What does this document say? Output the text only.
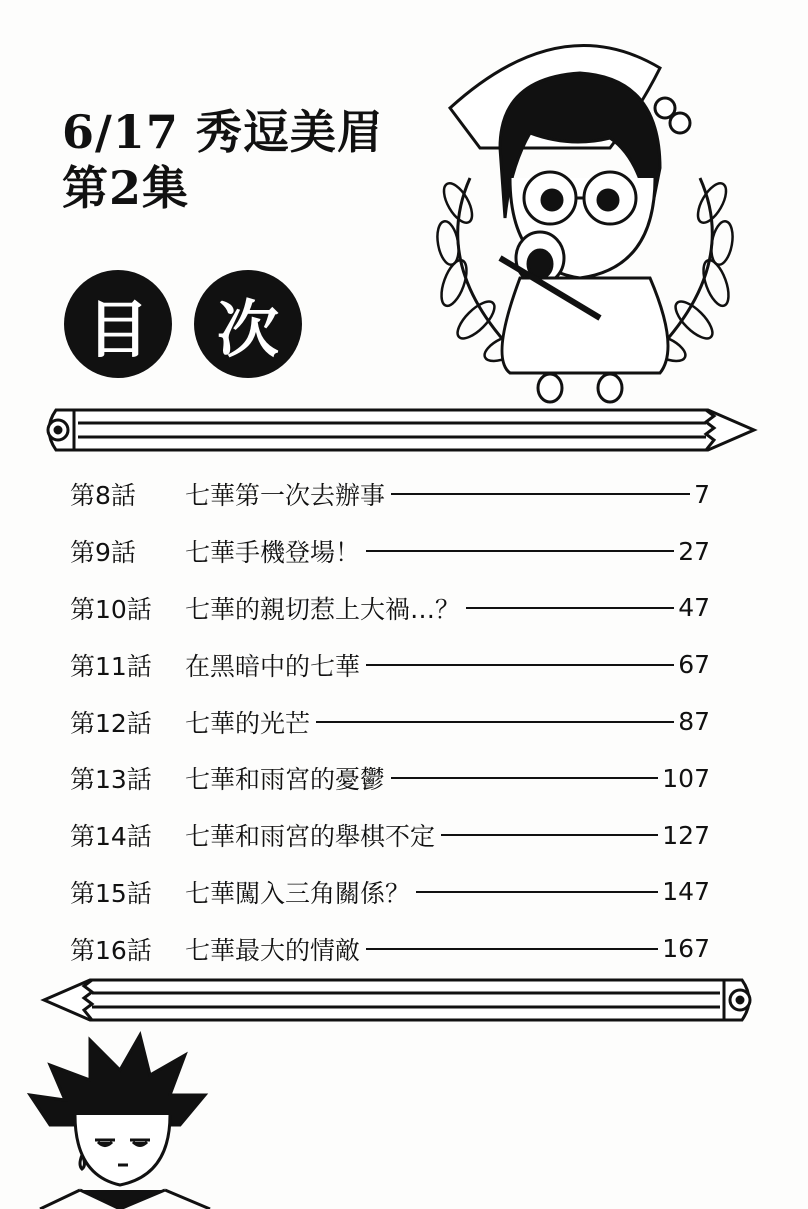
6/17 秀逗美眉
第2集
目	次
第8話	七華第一次去辦事	7
第9話	七華手機登場！	27
第10話	七華的親切惹上大禍…？	47
第11話	在黑暗中的七華	67
第12話	七華的光芒	87
第13話	七華和雨宮的憂鬱	107
第14話	七華和雨宮的舉棋不定	127
第15話	七華闖入三角關係？	147
第16話	七華最大的情敵	167
